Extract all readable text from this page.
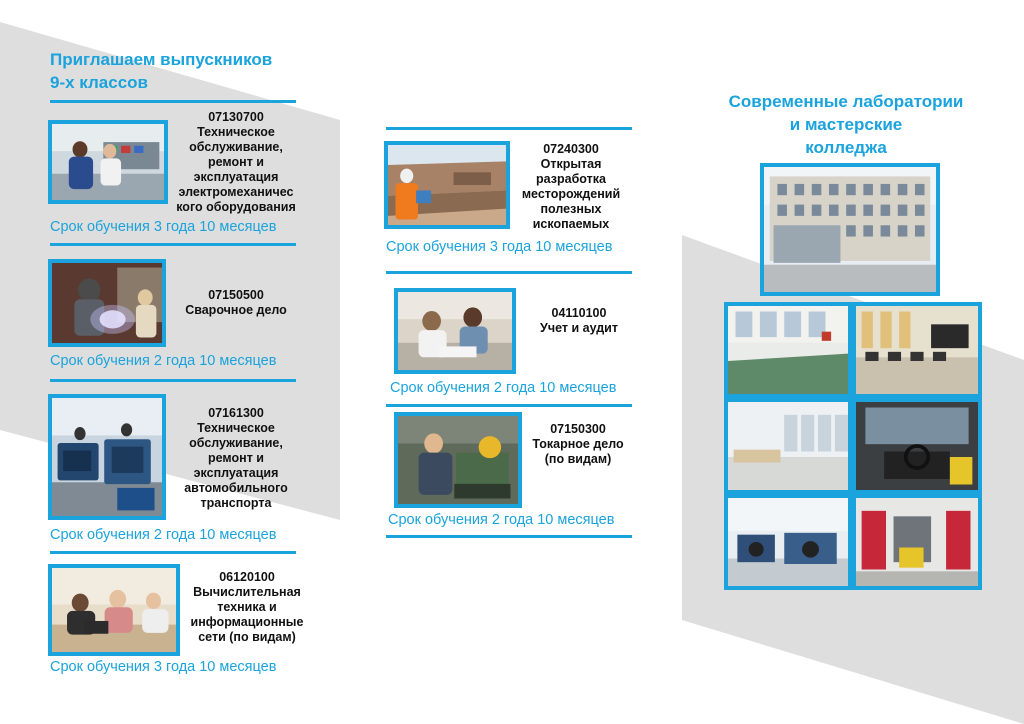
Приглашаем выпускников
9-х классов
07130700
Техническое
обслуживание,
ремонт и
эксплуатация
электромеханичес
кого оборудования
Срок обучения 3 года 10 месяцев
07150500
Сварочное дело
Срок обучения 2 года 10 месяцев
07161300
Техническое
обслуживание,
ремонт и
эксплуатация
автомобильного
транспорта
Срок обучения 2 года 10 месяцев
06120100
Вычислительная
техника и
информационные
сети (по видам)
Срок обучения 3 года 10 месяцев
07240300
Открытая
разработка
месторождений
полезных
ископаемых
Срок обучения 3 года 10 месяцев
04110100
Учет и аудит
Срок обучения 2 года 10 месяцев
07150300
Токарное дело
(по видам)
Срок обучения 2 года 10 месяцев
Современные лаборатории
и мастерские
колледжа
